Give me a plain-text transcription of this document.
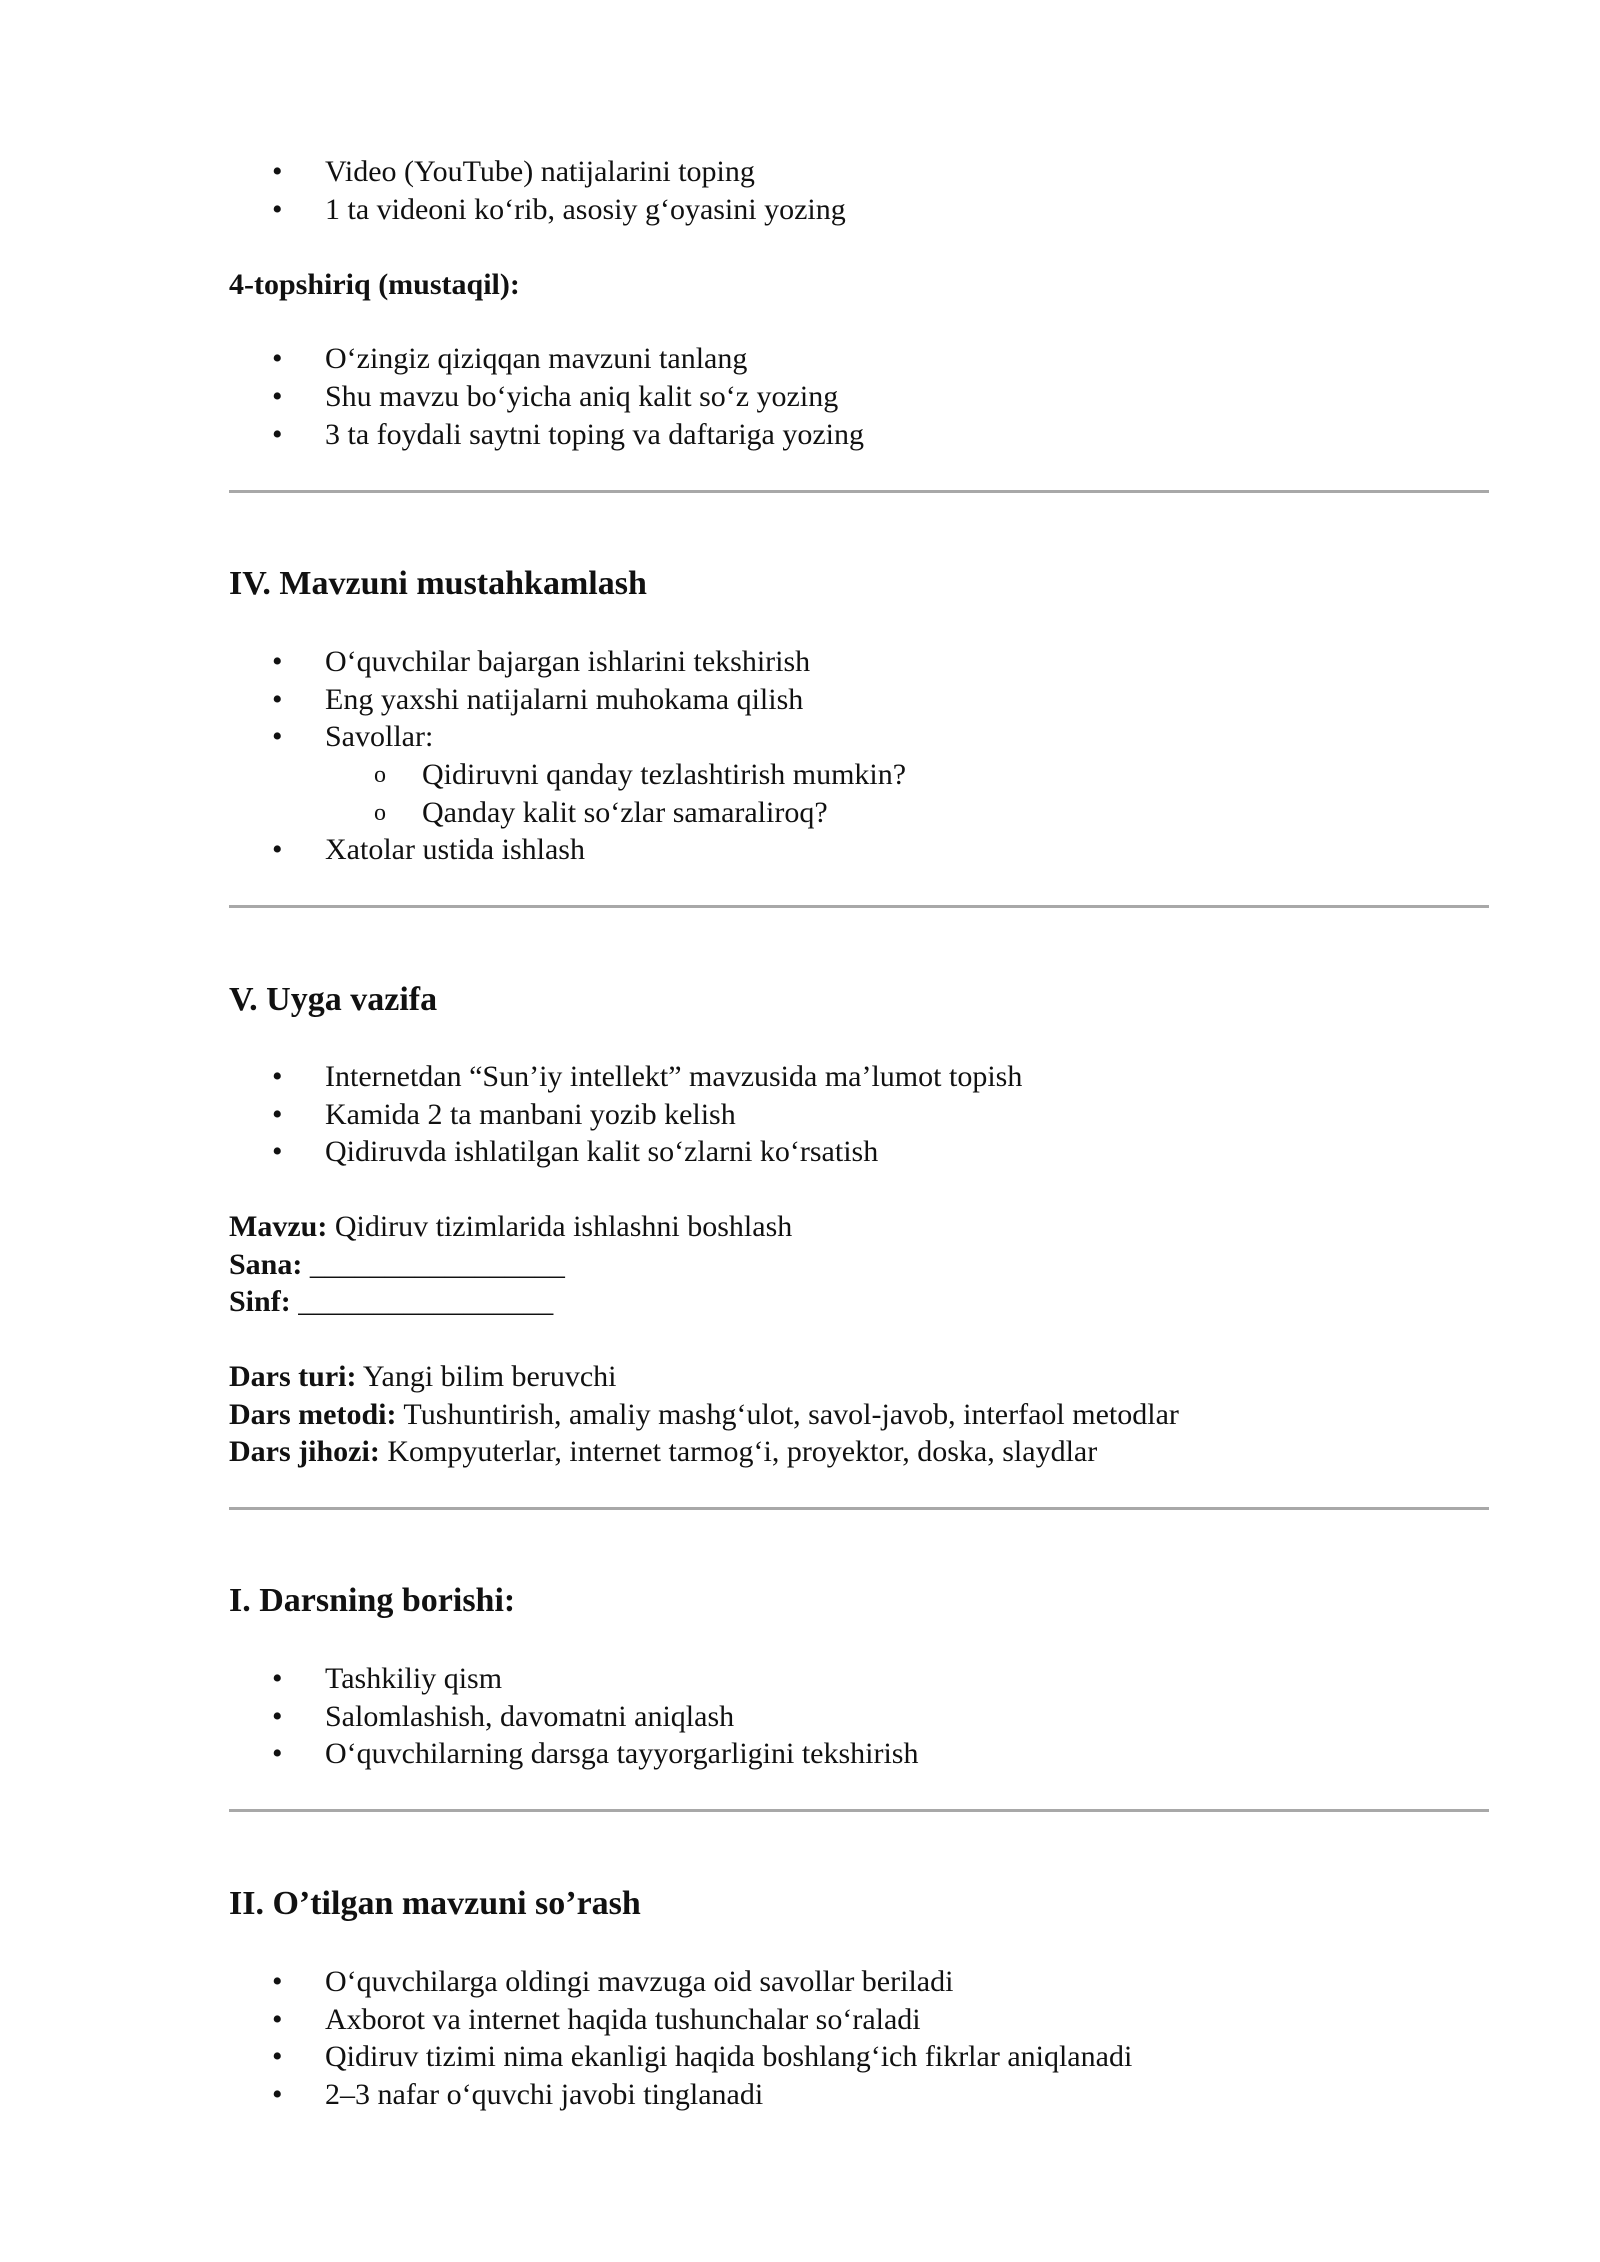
• Video (YouTube) natijalarini toping
• 1 ta videoni ko‘rib, asosiy g‘oyasini yozing
4-topshiriq (mustaqil):
• O‘zingiz qiziqqan mavzuni tanlang
• Shu mavzu bo‘yicha aniq kalit so‘z yozing
• 3 ta foydali saytni toping va daftariga yozing
IV. Mavzuni mustahkamlash
• O‘quvchilar bajargan ishlarini tekshirish
• Eng yaxshi natijalarni muhokama qilish
• Savollar:
o Qidiruvni qanday tezlashtirish mumkin?
o Qanday kalit so‘zlar samaraliroq?
• Xatolar ustida ishlash
V. Uyga vazifa
• Internetdan “Sun’iy intellekt” mavzusida ma’lumot topish
• Kamida 2 ta manbani yozib kelish
• Qidiruvda ishlatilgan kalit so‘zlarni ko‘rsatish
Mavzu: Qidiruv tizimlarida ishlashni boshlash
Sana: _________________
Sinf: _________________
Dars turi: Yangi bilim beruvchi
Dars metodi: Tushuntirish, amaliy mashg‘ulot, savol-javob, interfaol metodlar
Dars jihozi: Kompyuterlar, internet tarmog‘i, proyektor, doska, slaydlar
I. Darsning borishi:
• Tashkiliy qism
• Salomlashish, davomatni aniqlash
• O‘quvchilarning darsga tayyorgarligini tekshirish
II. O’tilgan mavzuni so’rash
• O‘quvchilarga oldingi mavzuga oid savollar beriladi
• Axborot va internet haqida tushunchalar so‘raladi
• Qidiruv tizimi nima ekanligi haqida boshlang‘ich fikrlar aniqlanadi
• 2–3 nafar o‘quvchi javobi tinglanadi
